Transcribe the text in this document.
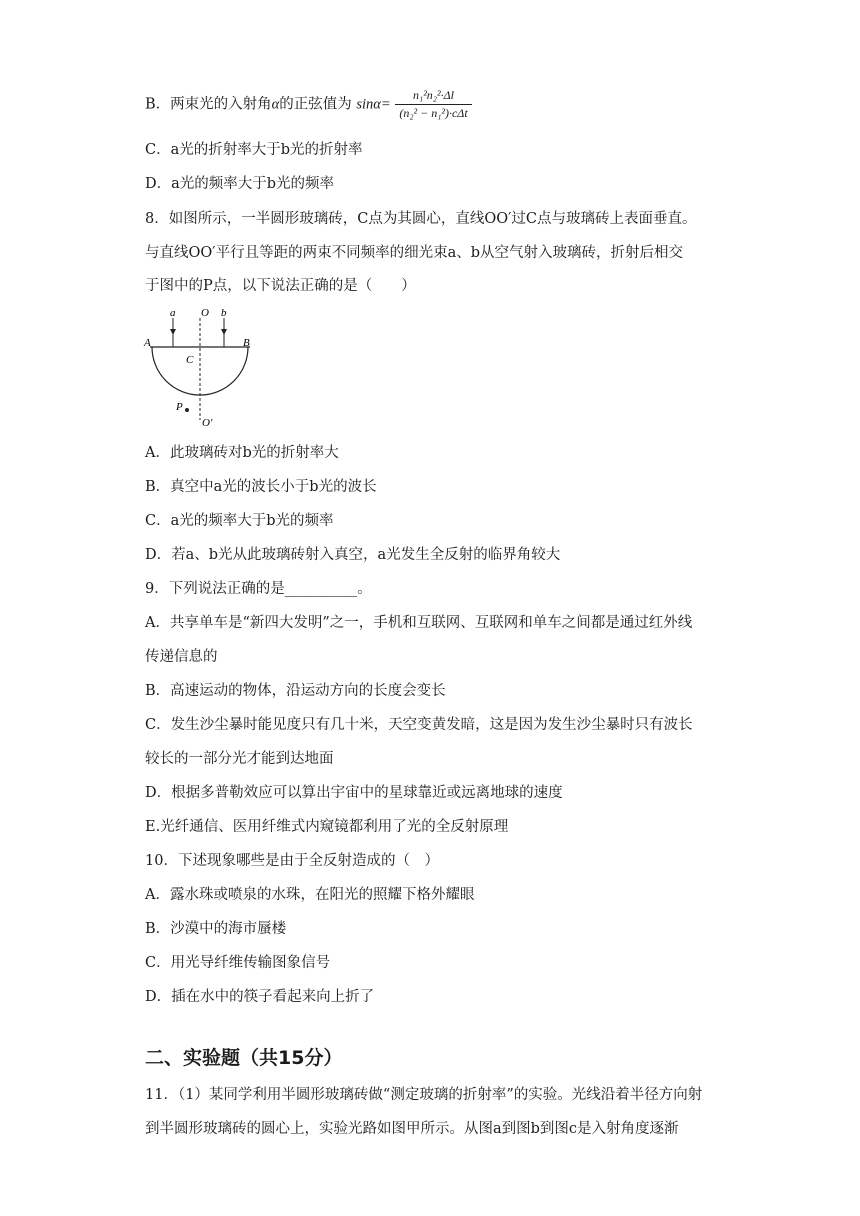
B．两束光的入射角α的正弦值为 $\sin\alpha= \frac{\text{n₁²n₂²·Δl}}{\text{(n₂² − n₁²)·cΔt}}$
C．a光的折射率大于b光的折射率
D．a光的频率大于b光的频率
8．如图所示，一半圆形玻璃砖，C点为其圆心，直线OO′过C点与玻璃砖上表面垂直。
与直线OO′平行且等距的两束不同频率的细光束a、b从空气射入玻璃砖，折射后相交
于图中的P点，以下说法正确的是（　　）
a O b
A	B
C
P
O′
A．此玻璃砖对b光的折射率大
B．真空中a光的波长小于b光的波长
C．a光的频率大于b光的频率
D．若a、b光从此玻璃砖射入真空，a光发生全反射的临界角较大
9．下列说法正确的是__________。
A．共享单车是“新四大发明”之一，手机和互联网、互联网和单车之间都是通过红外线
传递信息的
B．高速运动的物体，沿运动方向的长度会变长
C．发生沙尘暴时能见度只有几十米，天空变黄发暗，这是因为发生沙尘暴时只有波长
较长的一部分光才能到达地面
D．根据多普勒效应可以算出宇宙中的星球靠近或远离地球的速度
E.光纤通信、医用纤维式内窥镜都利用了光的全反射原理
10．下述现象哪些是由于全反射造成的（　）
A．露水珠或喷泉的水珠，在阳光的照耀下格外耀眼
B．沙漠中的海市蜃楼
C．用光导纤维传输图象信号
D．插在水中的筷子看起来向上折了
二、实验题（共15分）
11．（1）某同学利用半圆形玻璃砖做“测定玻璃的折射率”的实验。光线沿着半径方向射
到半圆形玻璃砖的圆心上，实验光路如图甲所示。从图a到图b到图c是入射角度逐渐
